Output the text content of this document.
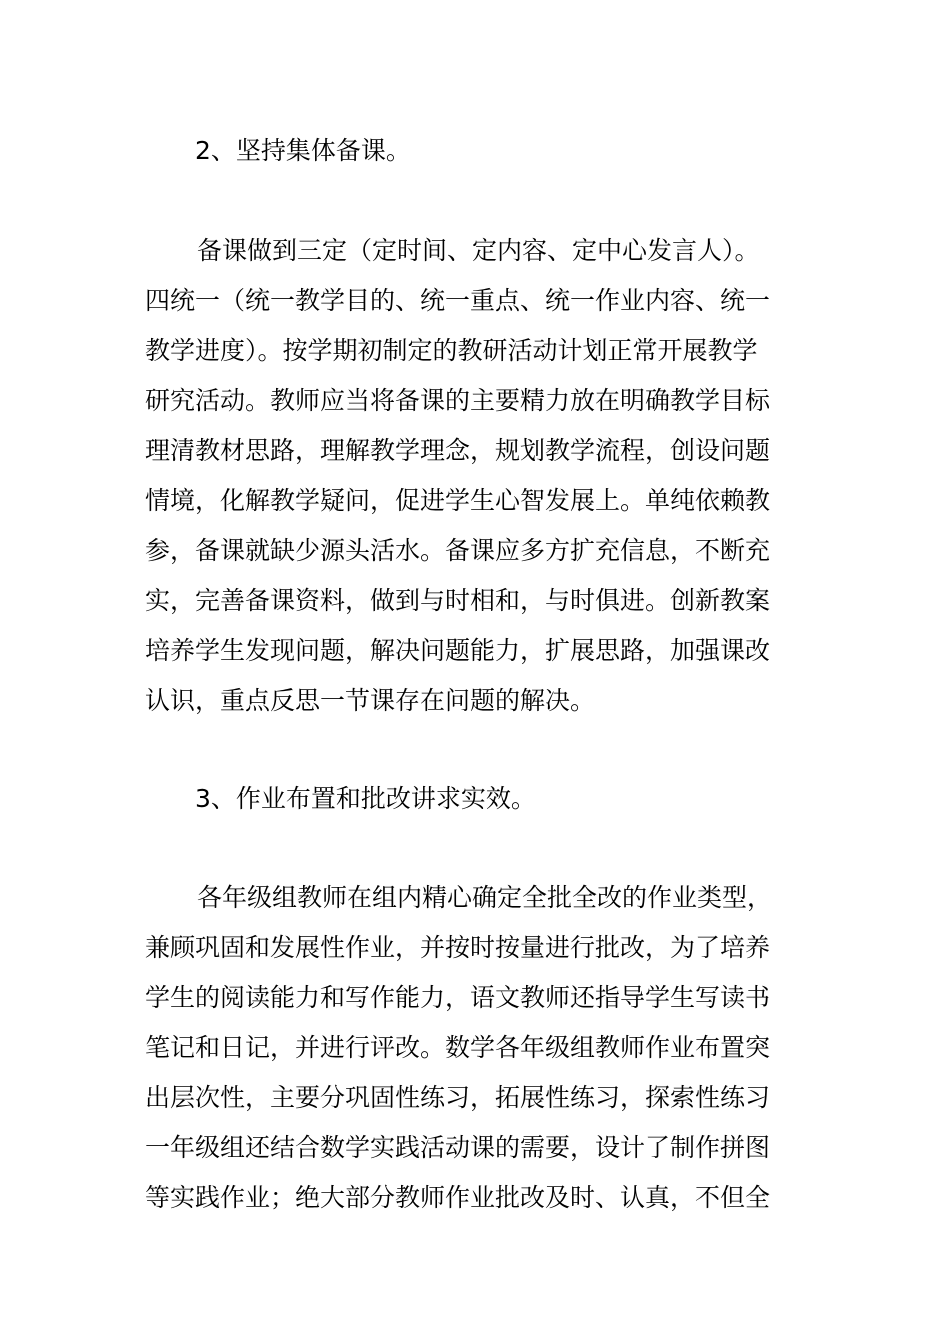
2、坚持集体备课。
备课做到三定（定时间、定内容、定中心发言人）。
四统一（统一教学目的、统一重点、统一作业内容、统一
教学进度）。按学期初制定的教研活动计划正常开展教学
研究活动。教师应当将备课的主要精力放在明确教学目标
理清教材思路，理解教学理念，规划教学流程，创设问题
情境，化解教学疑问，促进学生心智发展上。单纯依赖教
参，备课就缺少源头活水。备课应多方扩充信息，不断充
实，完善备课资料，做到与时相和，与时俱进。创新教案
培养学生发现问题，解决问题能力，扩展思路，加强课改
认识，重点反思一节课存在问题的解决。
3、作业布置和批改讲求实效。
各年级组教师在组内精心确定全批全改的作业类型，
兼顾巩固和发展性作业，并按时按量进行批改，为了培养
学生的阅读能力和写作能力，语文教师还指导学生写读书
笔记和日记，并进行评改。数学各年级组教师作业布置突
出层次性，主要分巩固性练习，拓展性练习，探索性练习
一年级组还结合数学实践活动课的需要，设计了制作拼图
等实践作业；绝大部分教师作业批改及时、认真，不但全
